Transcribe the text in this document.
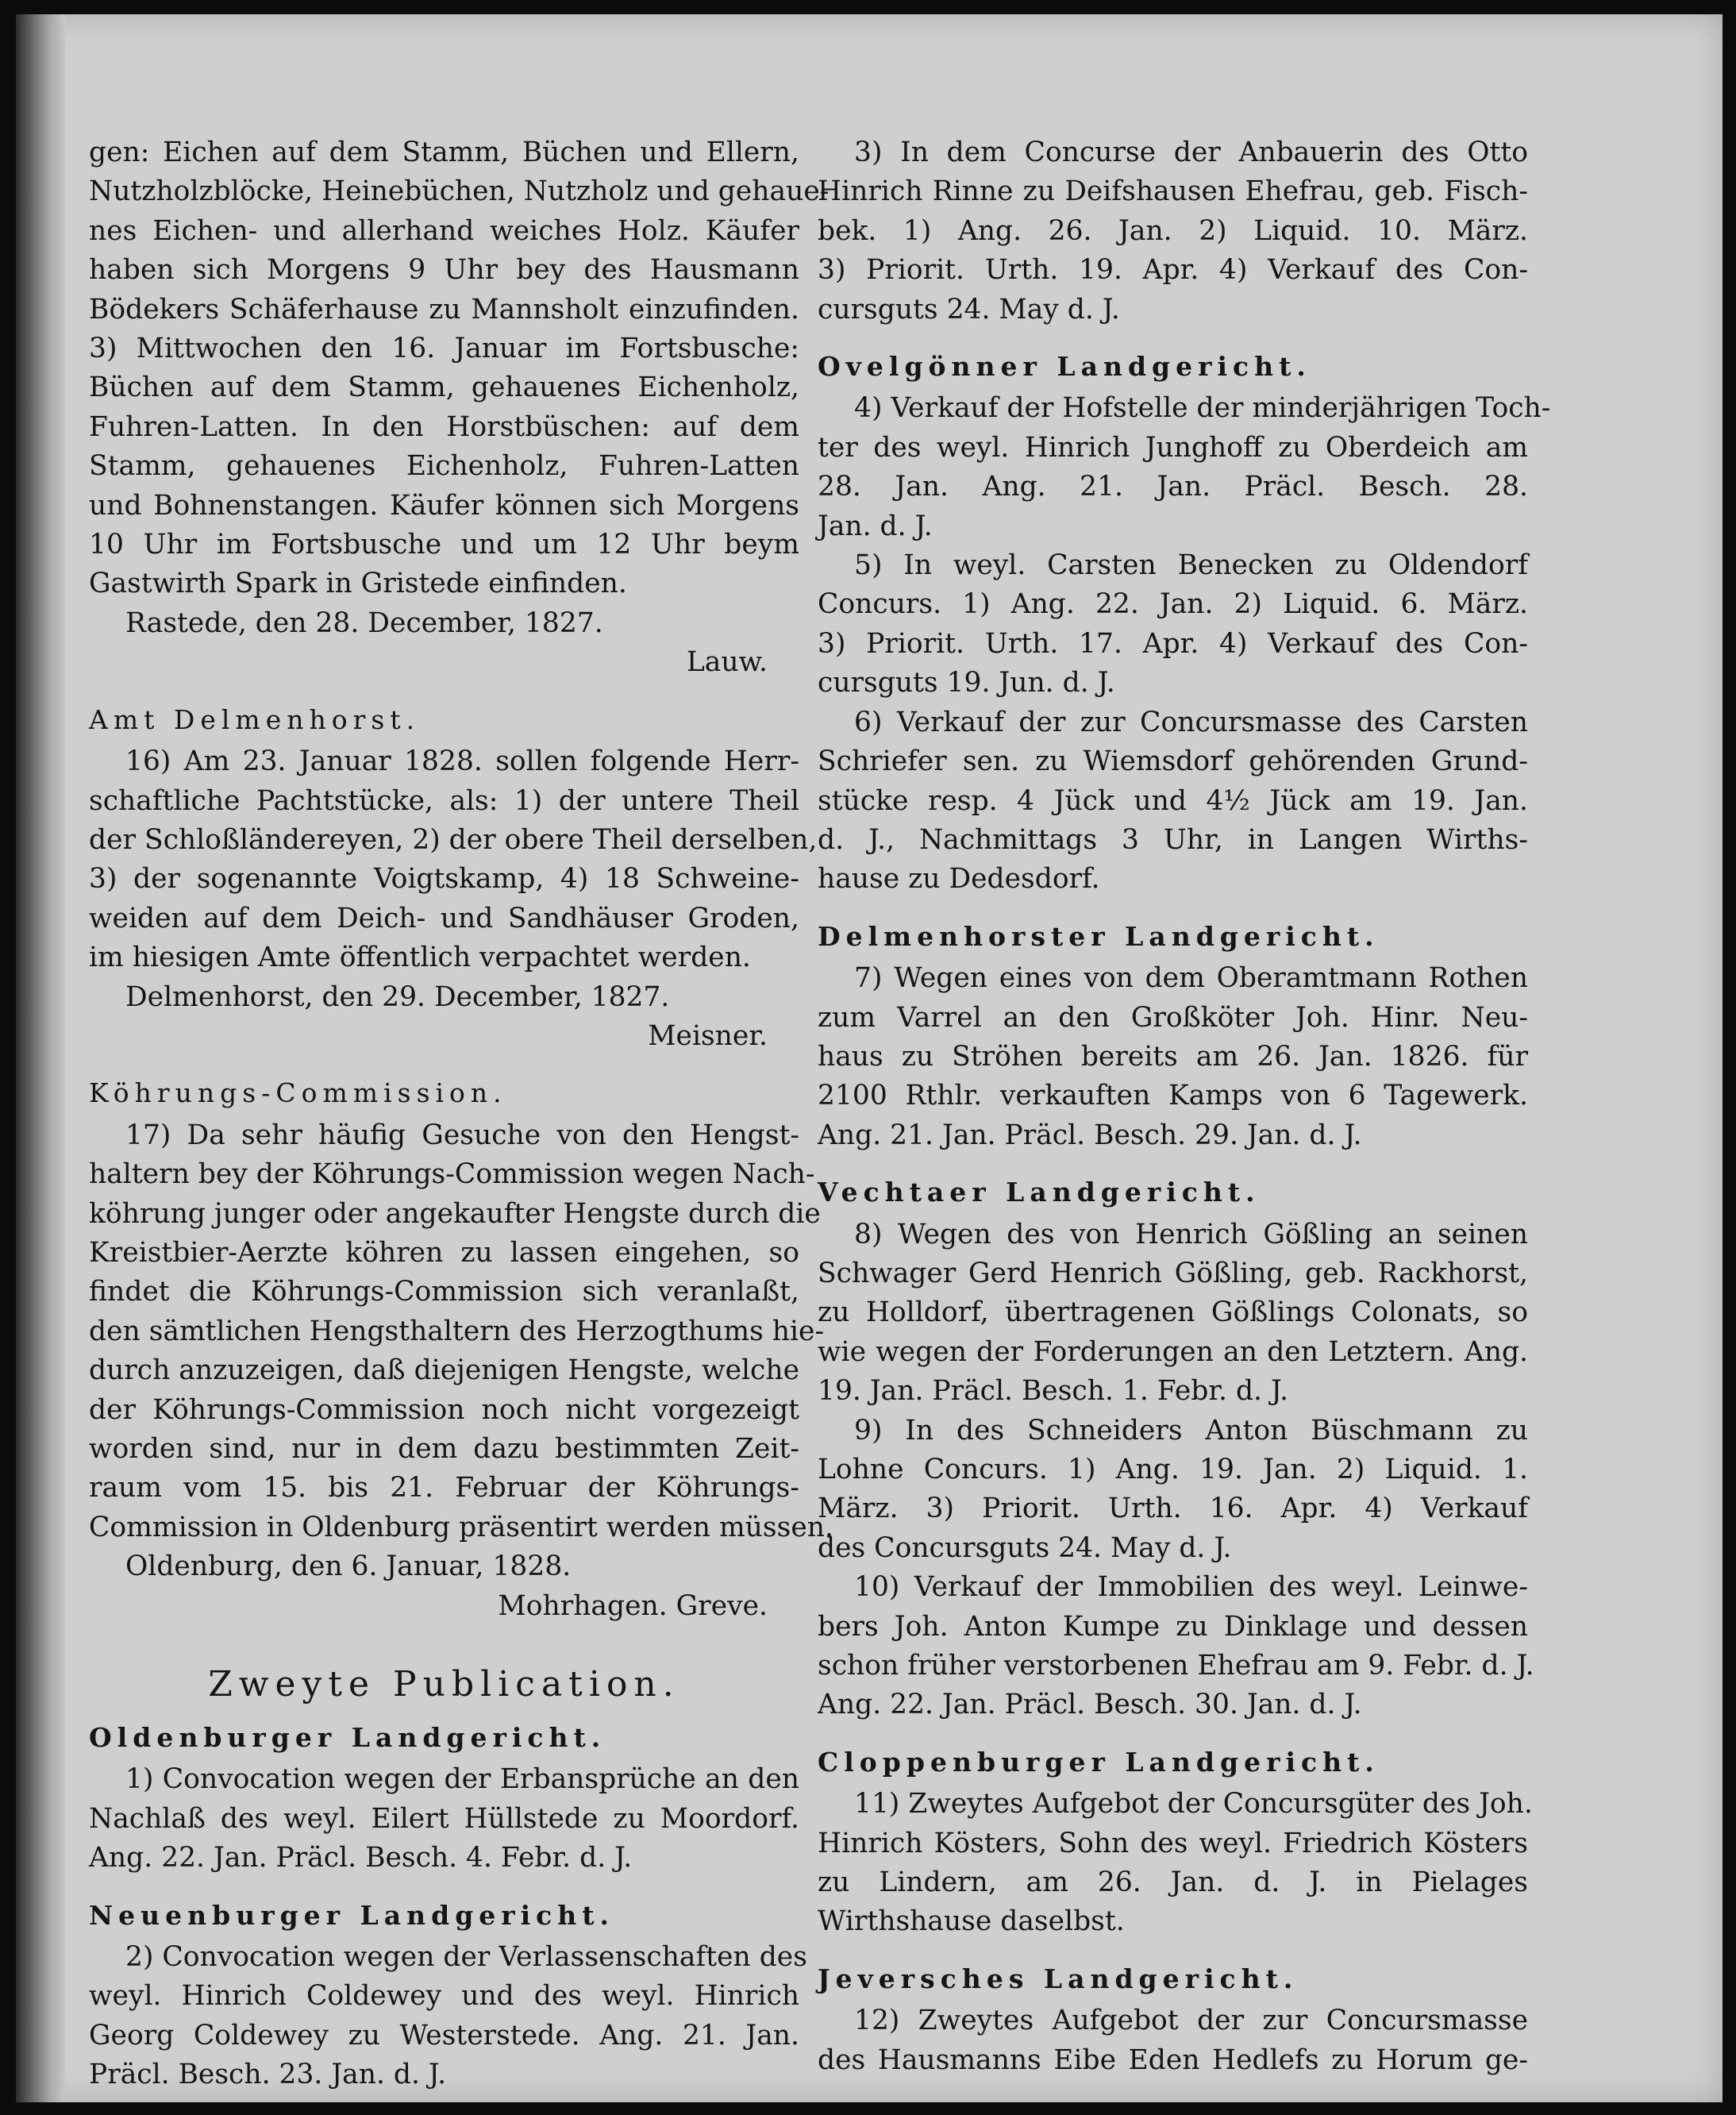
gen: Eichen auf dem Stamm, Büchen und Ellern,
Nutzholzblöcke, Heinebüchen, Nutzholz und gehaue-
nes Eichen- und allerhand weiches Holz. Käufer
haben sich Morgens 9 Uhr bey des Hausmann
Bödekers Schäferhause zu Mannsholt einzufinden.
3) Mittwochen den 16. Januar im Fortsbusche:
Büchen auf dem Stamm, gehauenes Eichenholz,
Fuhren-Latten. In den Horstbüschen: auf dem
Stamm, gehauenes Eichenholz, Fuhren-Latten
und Bohnenstangen. Käufer können sich Morgens
10 Uhr im Fortsbusche und um 12 Uhr beym
Gastwirth Spark in Gristede einfinden.
Rastede, den 28. December, 1827.
Lauw.
Amt Delmenhorst.
16) Am 23. Januar 1828. sollen folgende Herr-
schaftliche Pachtstücke, als: 1) der untere Theil
der Schloßländereyen, 2) der obere Theil derselben,
3) der sogenannte Voigtskamp, 4) 18 Schweine-
weiden auf dem Deich- und Sandhäuser Groden,
im hiesigen Amte öffentlich verpachtet werden.
Delmenhorst, den 29. December, 1827.
Meisner.
Köhrungs-Commission.
17) Da sehr häufig Gesuche von den Hengst-
haltern bey der Köhrungs-Commission wegen Nach-
köhrung junger oder angekaufter Hengste durch die
Kreistbier-Aerzte köhren zu lassen eingehen, so
findet die Köhrungs-Commission sich veranlaßt,
den sämtlichen Hengsthaltern des Herzogthums hie-
durch anzuzeigen, daß diejenigen Hengste, welche
der Köhrungs-Commission noch nicht vorgezeigt
worden sind, nur in dem dazu bestimmten Zeit-
raum vom 15. bis 21. Februar der Köhrungs-
Commission in Oldenburg präsentirt werden müssen.
Oldenburg, den 6. Januar, 1828.
Mohrhagen. Greve.
Zweyte Publication.
Oldenburger Landgericht.
1) Convocation wegen der Erbansprüche an den
Nachlaß des weyl. Eilert Hüllstede zu Moordorf.
Ang. 22. Jan. Präcl. Besch. 4. Febr. d. J.
Neuenburger Landgericht.
2) Convocation wegen der Verlassenschaften des
weyl. Hinrich Coldewey und des weyl. Hinrich
Georg Coldewey zu Westerstede. Ang. 21. Jan.
Präcl. Besch. 23. Jan. d. J.
3) In dem Concurse der Anbauerin des Otto
Hinrich Rinne zu Deifshausen Ehefrau, geb. Fisch-
bek. 1) Ang. 26. Jan. 2) Liquid. 10. März.
3) Priorit. Urth. 19. Apr. 4) Verkauf des Con-
cursguts 24. May d. J.
Ovelgönner Landgericht.
4) Verkauf der Hofstelle der minderjährigen Toch-
ter des weyl. Hinrich Junghoff zu Oberdeich am
28. Jan. Ang. 21. Jan. Präcl. Besch. 28.
Jan. d. J.
5) In weyl. Carsten Benecken zu Oldendorf
Concurs. 1) Ang. 22. Jan. 2) Liquid. 6. März.
3) Priorit. Urth. 17. Apr. 4) Verkauf des Con-
cursguts 19. Jun. d. J.
6) Verkauf der zur Concursmasse des Carsten
Schriefer sen. zu Wiemsdorf gehörenden Grund-
stücke resp. 4 Jück und 4½ Jück am 19. Jan.
d. J., Nachmittags 3 Uhr, in Langen Wirths-
hause zu Dedesdorf.
Delmenhorster Landgericht.
7) Wegen eines von dem Oberamtmann Rothen
zum Varrel an den Großköter Joh. Hinr. Neu-
haus zu Ströhen bereits am 26. Jan. 1826. für
2100 Rthlr. verkauften Kamps von 6 Tagewerk.
Ang. 21. Jan. Präcl. Besch. 29. Jan. d. J.
Vechtaer Landgericht.
8) Wegen des von Henrich Gößling an seinen
Schwager Gerd Henrich Gößling, geb. Rackhorst,
zu Holldorf, übertragenen Gößlings Colonats, so
wie wegen der Forderungen an den Letztern. Ang.
19. Jan. Präcl. Besch. 1. Febr. d. J.
9) In des Schneiders Anton Büschmann zu
Lohne Concurs. 1) Ang. 19. Jan. 2) Liquid. 1.
März. 3) Priorit. Urth. 16. Apr. 4) Verkauf
des Concursguts 24. May d. J.
10) Verkauf der Immobilien des weyl. Leinwe-
bers Joh. Anton Kumpe zu Dinklage und dessen
schon früher verstorbenen Ehefrau am 9. Febr. d. J.
Ang. 22. Jan. Präcl. Besch. 30. Jan. d. J.
Cloppenburger Landgericht.
11) Zweytes Aufgebot der Concursgüter des Joh.
Hinrich Kösters, Sohn des weyl. Friedrich Kösters
zu Lindern, am 26. Jan. d. J. in Pielages
Wirthshause daselbst.
Jeversches Landgericht.
12) Zweytes Aufgebot der zur Concursmasse
des Hausmanns Eibe Eden Hedlefs zu Horum ge-
